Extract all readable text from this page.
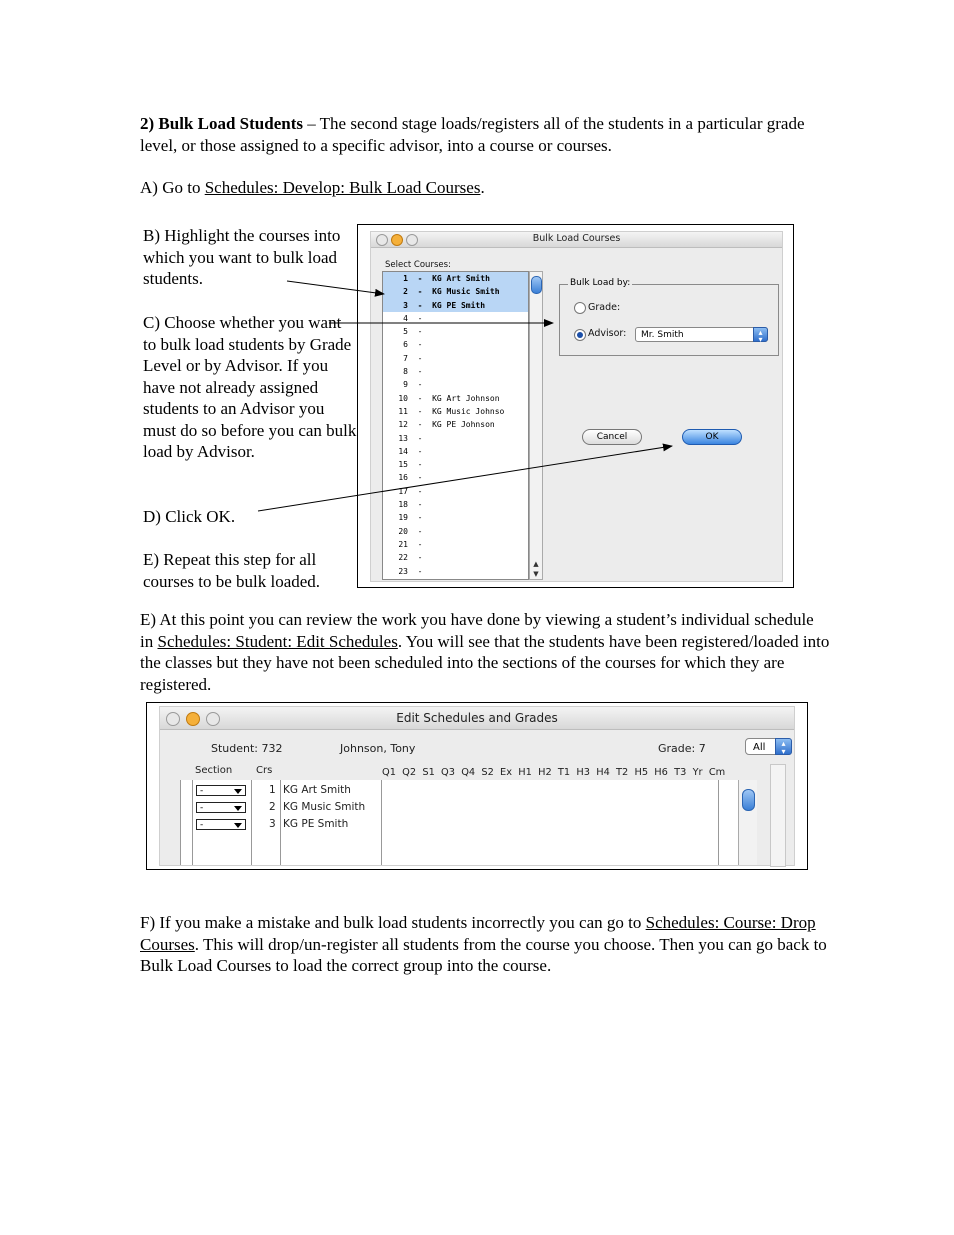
2) Bulk Load Students – The second stage loads/registers all of the students in a particular grade level, or those assigned to a specific advisor, into a course or courses.
A) Go to Schedules: Develop: Bulk Load Courses.
B) Highlight the courses into which you want to bulk load students.
C) Choose whether you want to bulk load students by Grade Level or by Advisor. If you have not already assigned students to an Advisor you must do so before you can bulk load by Advisor.
D) Click OK.
E) Repeat this step for all courses to be bulk loaded.
Bulk Load Courses
Select Courses:
1  -  KG Art Smith
2  -  KG Music Smith
3  -  KG PE Smith
4  -
5  -
6  -
7  -
8  -
9  -
10  -  KG Art Johnson
11  -  KG Music Johnso
12  -  KG PE Johnson
13  -
14  -
15  -
16  -
17  -
18  -
19  -
20  -
21  -
22  -
23  -
▲
▼
Bulk Load by:
Grade:
Advisor:	Mr. Smith	▴
▾
Cancel	OK
E) At this point you can review the work you have done by viewing a student’s individual schedule in Schedules: Student: Edit Schedules. You will see that the students have been registered/loaded into the classes but they have not been scheduled into the sections of the courses for which they are registered.
Edit Schedules and Grades
Student: 732	Johnson, Tony	Grade: 7	All	▴
▾
Section Crs	Q1  Q2  S1  Q3  Q4  S2  Ex  H1  H2  T1  H3  H4  T2  H5  H6  T3  Yr  Cm
-	1 KG Art Smith
-	2 KG Music Smith
-	3 KG PE Smith
F) If you make a mistake and bulk load students incorrectly you can go to Schedules: Course: Drop Courses. This will drop/un-register all students from the course you choose. Then you can go back to Bulk Load Courses to load the correct group into the course.
